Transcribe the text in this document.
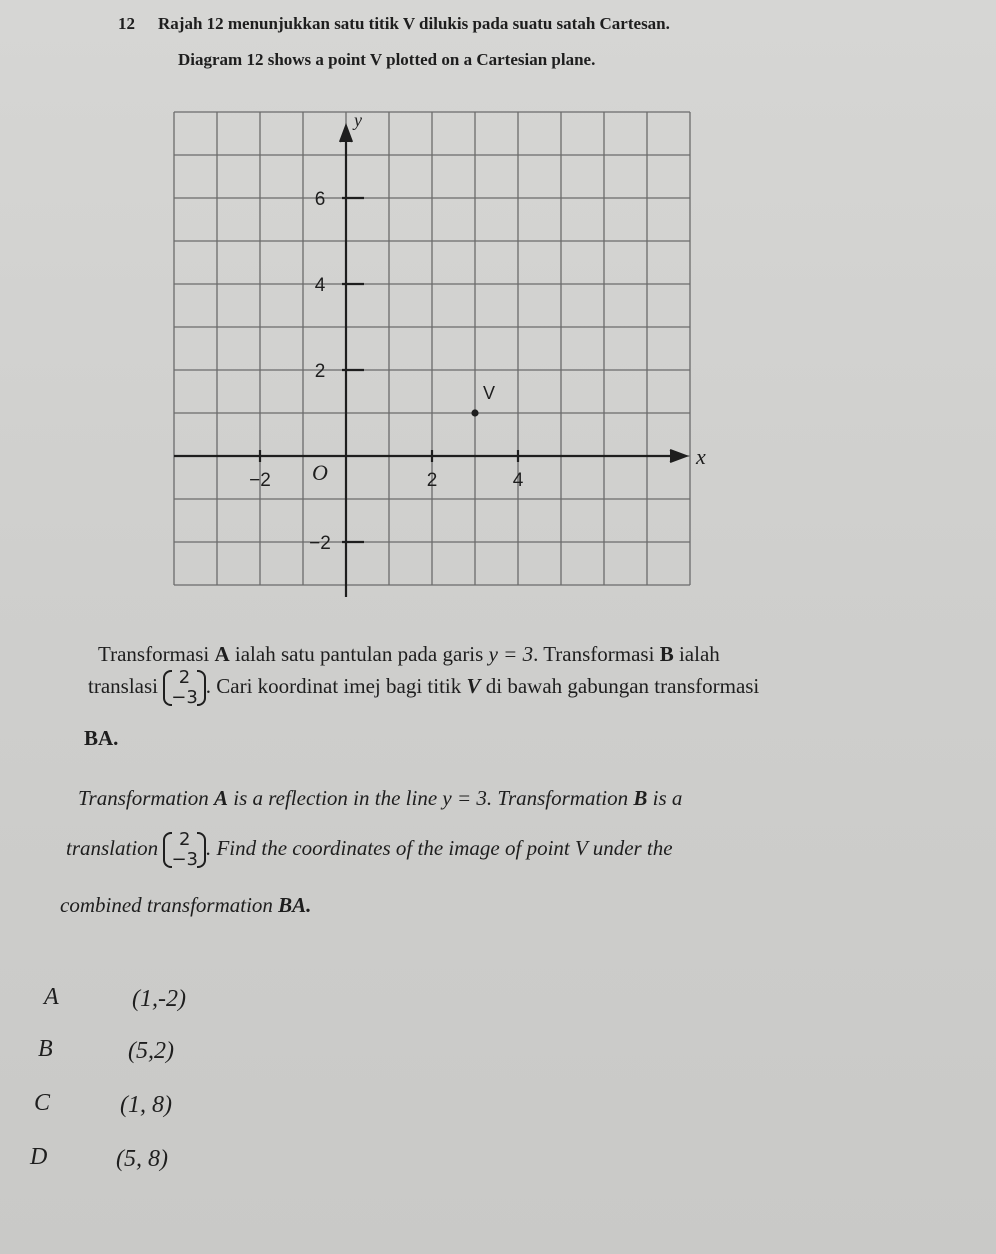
12 Rajah 12 menunjukkan satu titik V dilukis pada suatu satah Cartesan.
Diagram 12 shows a point V plotted on a Cartesian plane.
y
x
O
6
4
2
−2
−2	2	4
V
Transformasi A ialah satu pantulan pada garis y = 3. Transformasi B ialah
translasi 2
−3 . Cari koordinat imej bagi titik V di bawah gabungan transformasi
BA.
Transformation A is a reflection in the line y = 3. Transformation B is a
translation 2
−3 . Find the coordinates of the image of point V under the
combined transformation BA.
A	(1,-2)
B	(5,2)
C	(1, 8)
D	(5, 8)
